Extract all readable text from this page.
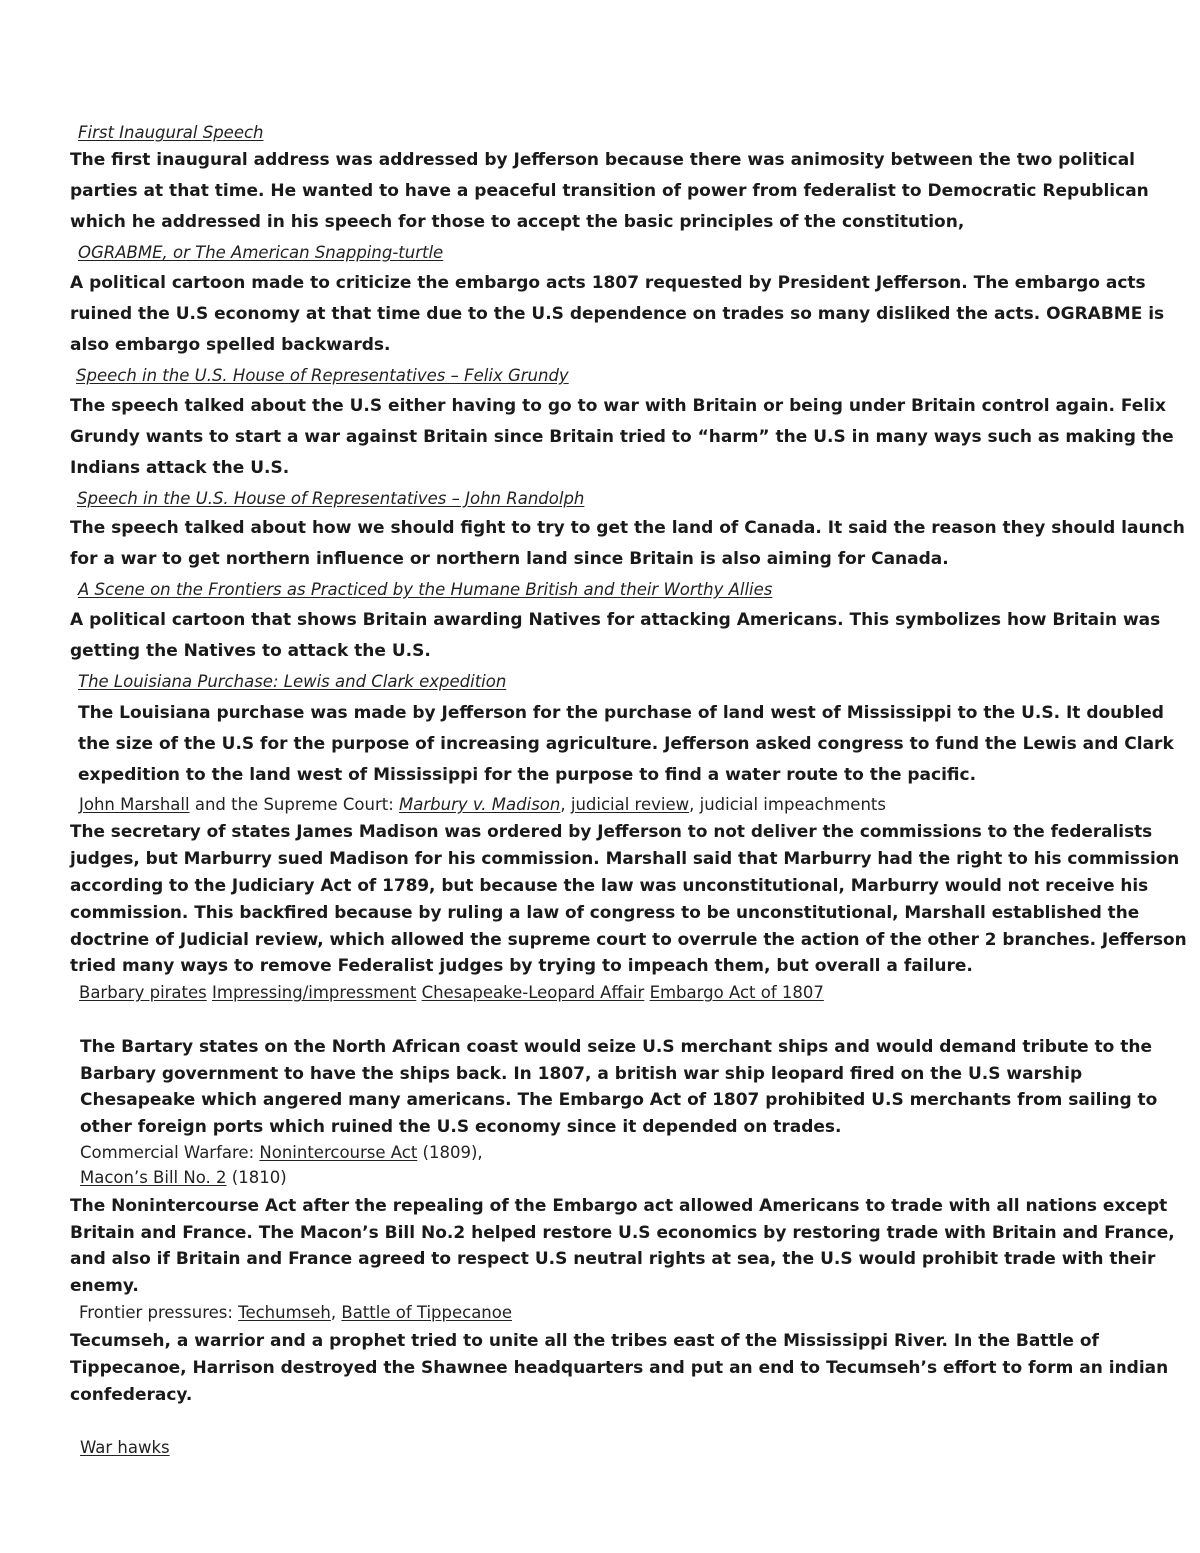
First Inaugural Speech
The first inaugural address was addressed by Jefferson because there was animosity between the two political
parties at that time. He wanted to have a peaceful transition of power from federalist to Democratic Republican
which he addressed in his speech for those to accept the basic principles of the constitution,
OGRABME, or The American Snapping-turtle
A political cartoon made to criticize the embargo acts 1807 requested by President Jefferson. The embargo acts
ruined the U.S economy at that time due to the U.S dependence on trades so many disliked the acts. OGRABME is
also embargo spelled backwards.
Speech in the U.S. House of Representatives – Felix Grundy
The speech talked about the U.S either having to go to war with Britain or being under Britain control again. Felix
Grundy wants to start a war against Britain since Britain tried to “harm” the U.S in many ways such as making the
Indians attack the U.S.
Speech in the U.S. House of Representatives – John Randolph
The speech talked about how we should fight to try to get the land of Canada. It said the reason they should launch
for a war to get northern influence or northern land since Britain is also aiming for Canada.
A Scene on the Frontiers as Practiced by the Humane British and their Worthy Allies
A political cartoon that shows Britain awarding Natives for attacking Americans. This symbolizes how Britain was
getting the Natives to attack the U.S.
The Louisiana Purchase: Lewis and Clark expedition
The Louisiana purchase was made by Jefferson for the purchase of land west of Mississippi to the U.S. It doubled
the size of the U.S for the purpose of increasing agriculture. Jefferson asked congress to fund the Lewis and Clark
expedition to the land west of Mississippi for the purpose to find a water route to the pacific.
John Marshall and the Supreme Court: Marbury v. Madison, judicial review, judicial impeachments
The secretary of states James Madison was ordered by Jefferson to not deliver the commissions to the federalists
judges, but Marburry sued Madison for his commission. Marshall said that Marburry had the right to his commission
according to the Judiciary Act of 1789, but because the law was unconstitutional, Marburry would not receive his
commission. This backfired because by ruling a law of congress to be unconstitutional, Marshall established the
doctrine of Judicial review, which allowed the supreme court to overrule the action of the other 2 branches. Jefferson
tried many ways to remove Federalist judges by trying to impeach them, but overall a failure.
Barbary pirates Impressing/impressment Chesapeake-Leopard Affair Embargo Act of 1807
The Bartary states on the North African coast would seize U.S merchant ships and would demand tribute to the
Barbary government to have the ships back. In 1807, a british war ship leopard fired on the U.S warship
Chesapeake which angered many americans. The Embargo Act of 1807 prohibited U.S merchants from sailing to
other foreign ports which ruined the U.S economy since it depended on trades.
Commercial Warfare: Nonintercourse Act (1809),
Macon’s Bill No. 2 (1810)
The Nonintercourse Act after the repealing of the Embargo act allowed Americans to trade with all nations except
Britain and France. The Macon’s Bill No.2 helped restore U.S economics by restoring trade with Britain and France,
and also if Britain and France agreed to respect U.S neutral rights at sea, the U.S would prohibit trade with their
enemy.
Frontier pressures: Techumseh, Battle of Tippecanoe
Tecumseh, a warrior and a prophet tried to unite all the tribes east of the Mississippi River. In the Battle of
Tippecanoe, Harrison destroyed the Shawnee headquarters and put an end to Tecumseh’s effort to form an indian
confederacy.
War hawks
